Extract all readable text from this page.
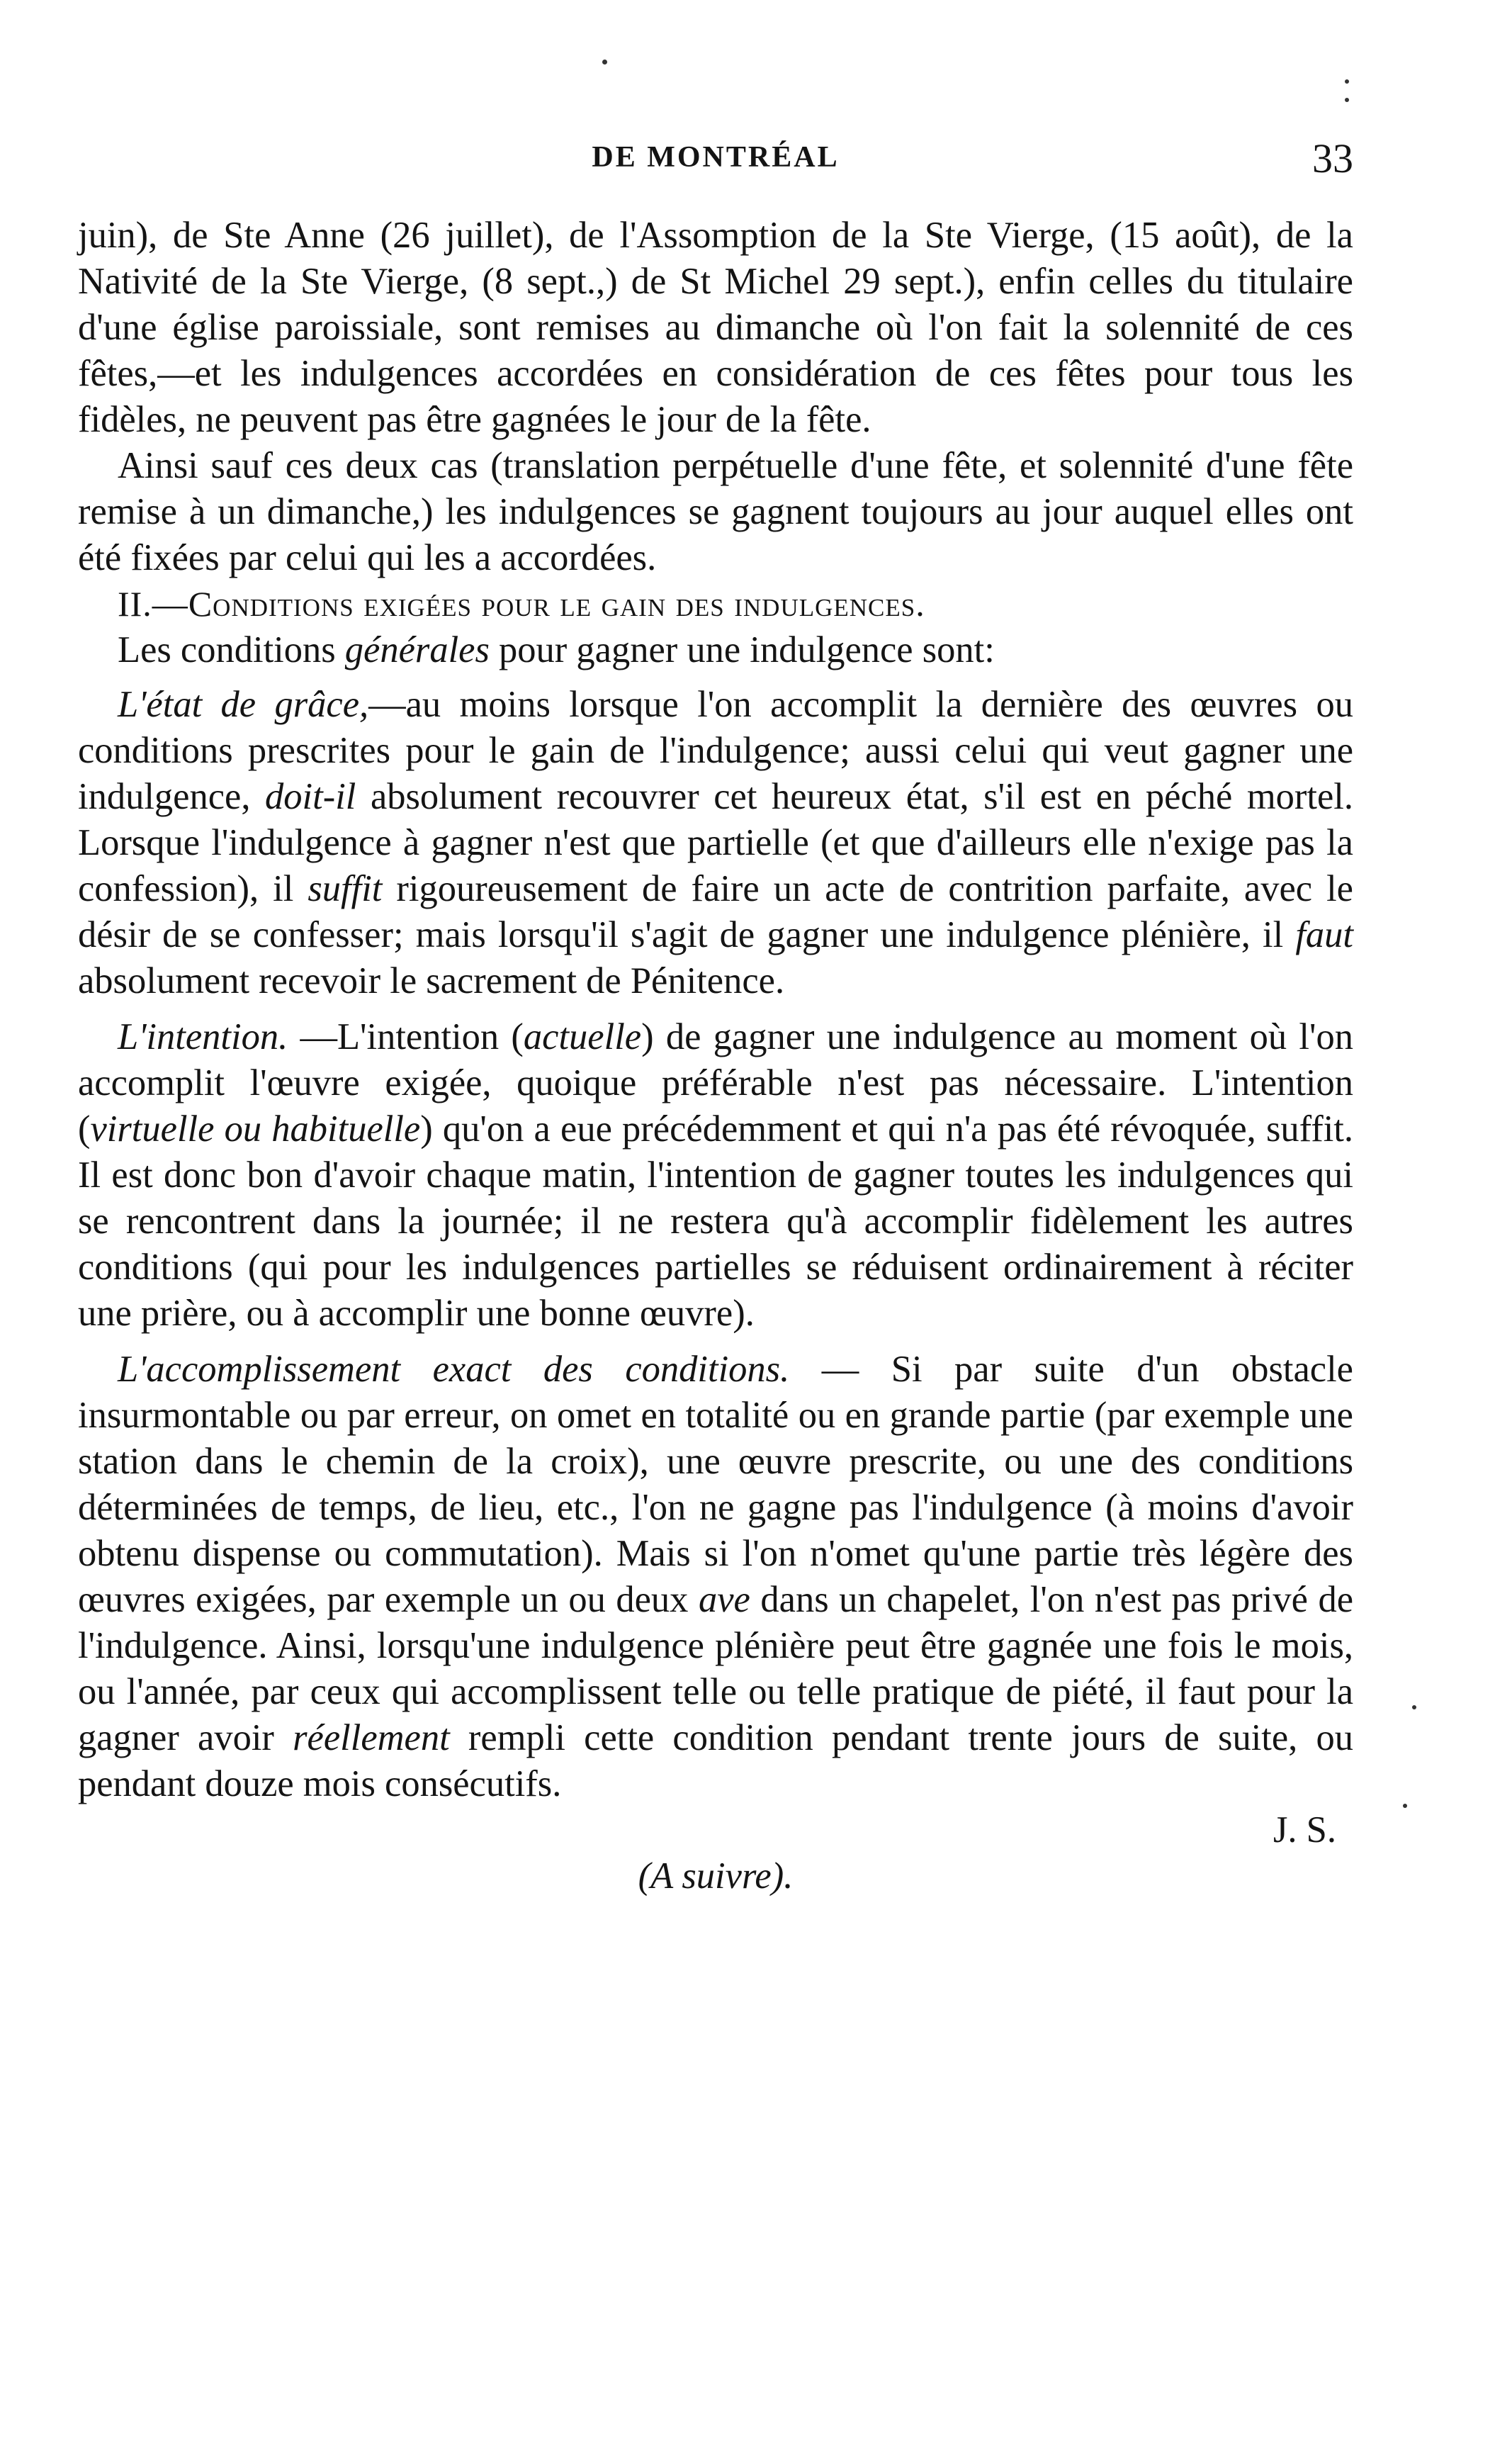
DE MONTRÉAL	33

juin), de Ste Anne (26 juillet), de l'Assomption de la Ste Vierge, (15 août), de la Nativité de la Ste Vierge, (8 sept.,) de St Michel 29 sept.), enfin celles du titulaire d'une église paroissiale, sont remises au dimanche où l'on fait la solennité de ces fêtes,—et les indulgences accordées en considération de ces fêtes pour tous les fidèles, ne peuvent pas être gagnées le jour de la fête.

Ainsi sauf ces deux cas (translation perpétuelle d'une fête, et solennité d'une fête remise à un dimanche,) les indulgences se gagnent toujours au jour auquel elles ont été fixées par celui qui les a accordées.

II.—Conditions exigées pour le gain des indulgences.

Les conditions générales pour gagner une indulgence sont:

L'état de grâce,—au moins lorsque l'on accomplit la dernière des œuvres ou conditions prescrites pour le gain de l'indulgence; aussi celui qui veut gagner une indulgence, doit-il absolument recouvrer cet heureux état, s'il est en péché mortel. Lorsque l'indulgence à gagner n'est que partielle (et que d'ailleurs elle n'exige pas la confession), il suffit rigoureusement de faire un acte de contrition parfaite, avec le désir de se confesser; mais lorsqu'il s'agit de gagner une indulgence plénière, il faut absolument recevoir le sacrement de Pénitence.

L'intention. —L'intention (actuelle) de gagner une indulgence au moment où l'on accomplit l'œuvre exigée, quoique préférable n'est pas nécessaire. L'intention (virtuelle ou habituelle) qu'on a eue précédemment et qui n'a pas été révoquée, suffit. Il est donc bon d'avoir chaque matin, l'intention de gagner toutes les indulgences qui se rencontrent dans la journée; il ne restera qu'à accomplir fidèlement les autres conditions (qui pour les indulgences partielles se réduisent ordinairement à réciter une prière, ou à accomplir une bonne œuvre).

L'accomplissement exact des conditions. — Si par suite d'un obstacle insurmontable ou par erreur, on omet en totalité ou en grande partie (par exemple une station dans le chemin de la croix), une œuvre prescrite, ou une des conditions déterminées de temps, de lieu, etc., l'on ne gagne pas l'indulgence (à moins d'avoir obtenu dispense ou commutation). Mais si l'on n'omet qu'une partie très légère des œuvres exigées, par exemple un ou deux ave dans un chapelet, l'on n'est pas privé de l'indulgence. Ainsi, lorsqu'une indulgence plénière peut être gagnée une fois le mois, ou l'année, par ceux qui accomplissent telle ou telle pratique de piété, il faut pour la gagner avoir réellement rempli cette condition pendant trente jours de suite, ou pendant douze mois consécutifs.

J. S.

(A suivre).
